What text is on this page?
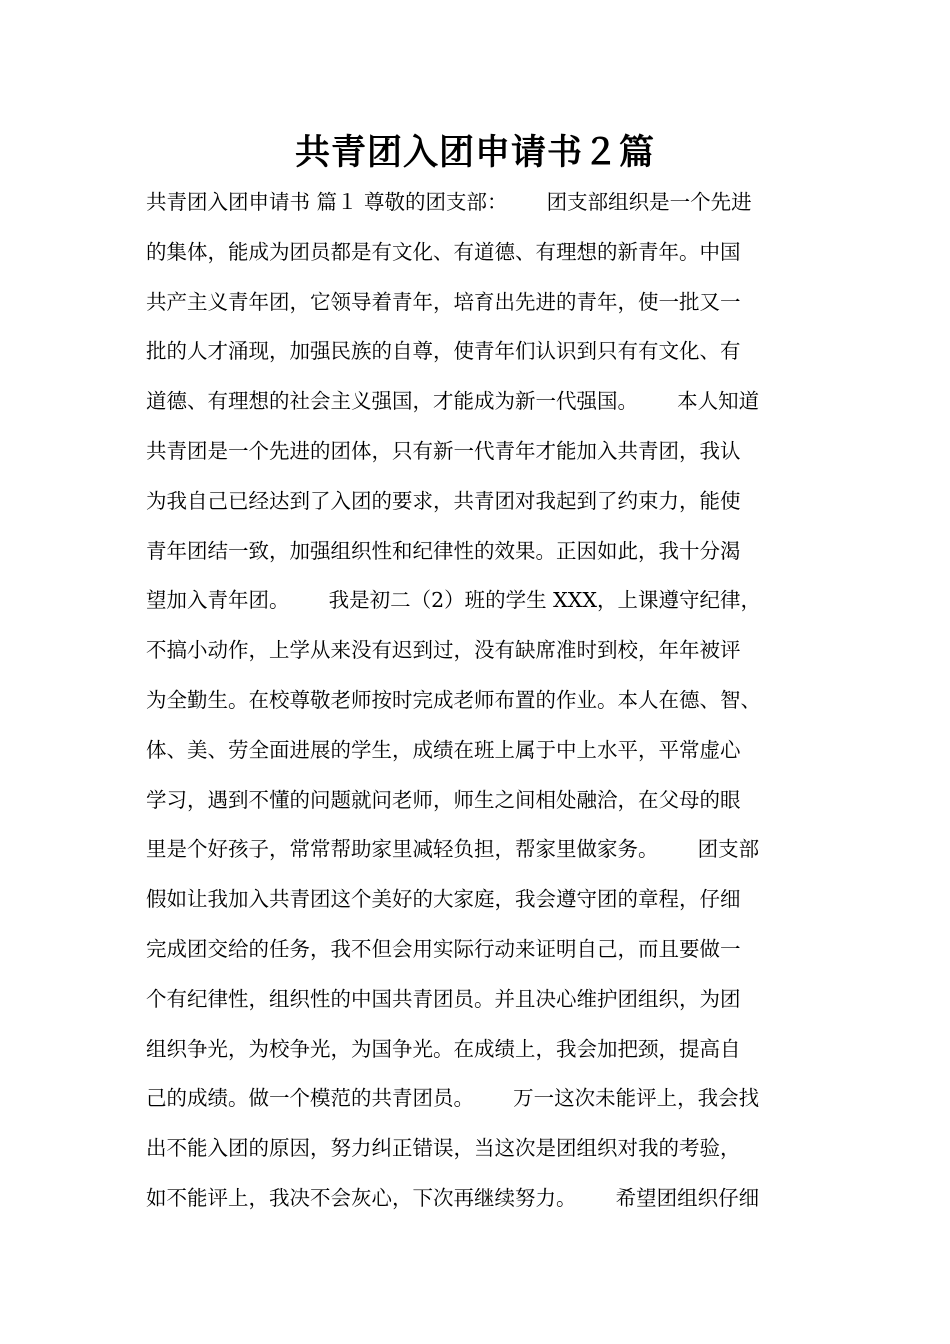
共青团入团申请书２篇
共青团入团申请书 篇１ 尊敬的团支部：      团支部组织是一个先进
的集体，能成为团员都是有文化、有道德、有理想的新青年。中国
共产主义青年团，它领导着青年，培育出先进的青年，使一批又一
批的人才涌现，加强民族的自尊，使青年们认识到只有有文化、有
道德、有理想的社会主义强国，才能成为新一代强国。      本人知道
共青团是一个先进的团体，只有新一代青年才能加入共青团，我认
为我自己已经达到了入团的要求，共青团对我起到了约束力，能使
青年团结一致，加强组织性和纪律性的效果。正因如此，我十分渴
望加入青年团。      我是初二（2）班的学生 XXX，上课遵守纪律，
不搞小动作，上学从来没有迟到过，没有缺席准时到校，年年被评
为全勤生。在校尊敬老师按时完成老师布置的作业。本人在德、智、
体、美、劳全面进展的学生，成绩在班上属于中上水平，平常虚心
学习，遇到不懂的问题就问老师，师生之间相处融洽，在父母的眼
里是个好孩子，常常帮助家里减轻负担，帮家里做家务。      团支部
假如让我加入共青团这个美好的大家庭，我会遵守团的章程，仔细
完成团交给的任务，我不但会用实际行动来证明自己，而且要做一
个有纪律性，组织性的中国共青团员。并且决心维护团组织，为团
组织争光，为校争光，为国争光。在成绩上，我会加把颈，提高自
己的成绩。做一个模范的共青团员。      万一这次未能评上，我会找
出不能入团的原因，努力纠正错误，当这次是团组织对我的考验，
如不能评上，我决不会灰心，下次再继续努力。      希望团组织仔细
